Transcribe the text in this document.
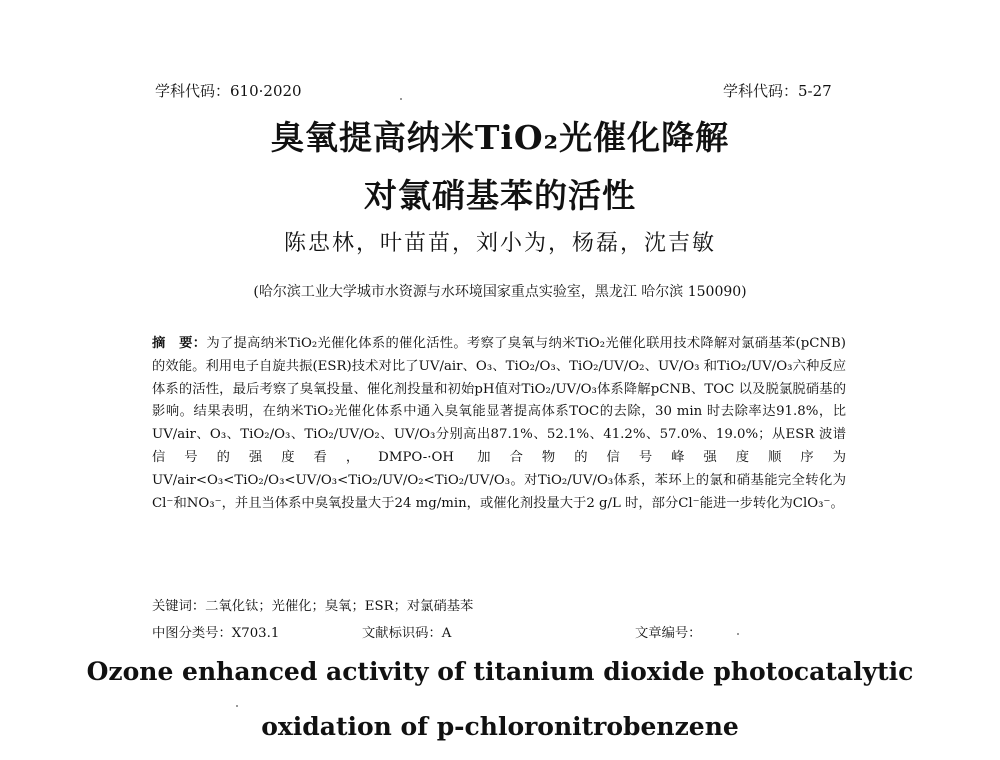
学科代码：610·2020	学科代码：5-27
臭氧提高纳米TiO₂光催化降解
对氯硝基苯的活性
陈忠林，叶苗苗，刘小为，杨磊，沈吉敏
(哈尔滨工业大学城市水资源与水环境国家重点实验室，黑龙江 哈尔滨 150090)

摘　要：为了提高纳米TiO₂光催化体系的催化活性。考察了臭氧与纳米TiO₂光催化联用技术降解对氯硝基苯(pCNB)的效能。利用电子自旋共振(ESR)技术对比了UV/air、O₃、TiO₂/O₃、TiO₂/UV/O₂、UV/O₃ 和TiO₂/UV/O₃六种反应体系的活性，最后考察了臭氧投量、催化剂投量和初始pH值对TiO₂/UV/O₃体系降解pCNB、TOC 以及脱氯脱硝基的影响。结果表明，在纳米TiO₂光催化体系中通入臭氧能显著提高体系TOC的去除，30 min 时去除率达91.8%，比UV/air、O₃、TiO₂/O₃、TiO₂/UV/O₂、UV/O₃分别高出87.1%、52.1%、41.2%、57.0%、19.0%；从ESR 波谱信号的强度看，DMPO-·OH 加合物的信号峰强度顺序为UV/air<O₃<TiO₂/O₃<UV/O₃<TiO₂/UV/O₂<TiO₂/UV/O₃。对TiO₂/UV/O₃体系，苯环上的氯和硝基能完全转化为Cl⁻和NO₃⁻，并且当体系中臭氧投量大于24 mg/min，或催化剂投量大于2 g/L 时，部分Cl⁻能进一步转化为ClO₃⁻。

关键词：二氧化钛；光催化；臭氧；ESR；对氯硝基苯
中图分类号：X703.1	文献标识码：A	文章编号：
Ozone enhanced activity of titanium dioxide photocatalytic
oxidation of p-chloronitrobenzene
